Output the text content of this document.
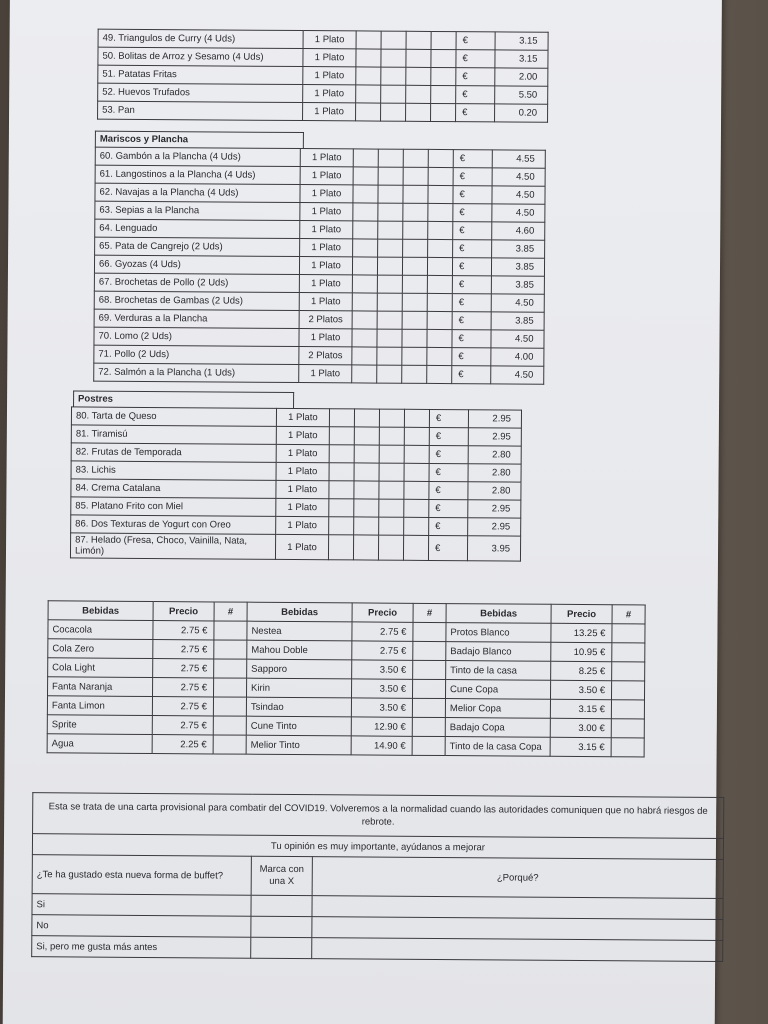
49. Triangulos de Curry (4 Uds)	1 Plato					€	3.15
50. Bolitas de Arroz y Sesamo (4 Uds)	1 Plato					€	3.15
51. Patatas Fritas	1 Plato					€	2.00
52. Huevos Trufados	1 Plato					€	5.50
53. Pan	1 Plato					€	0.20
Mariscos y Plancha
60. Gambón a la Plancha (4 Uds)	1 Plato					€	4.55
61. Langostinos a la Plancha (4 Uds)	1 Plato					€	4.50
62. Navajas a la Plancha (4 Uds)	1 Plato					€	4.50
63. Sepias a la Plancha	1 Plato					€	4.50
64. Lenguado	1 Plato					€	4.60
65. Pata de Cangrejo (2 Uds)	1 Plato					€	3.85
66. Gyozas (4 Uds)	1 Plato					€	3.85
67. Brochetas de Pollo (2 Uds)	1 Plato					€	3.85
68. Brochetas de Gambas (2 Uds)	1 Plato					€	4.50
69. Verduras a la Plancha	2 Platos					€	3.85
70. Lomo (2 Uds)	1 Plato					€	4.50
71. Pollo (2 Uds)	2 Platos					€	4.00
72. Salmón a la Plancha (1 Uds)	1 Plato					€	4.50
Postres
80. Tarta de Queso	1 Plato					€	2.95
81. Tiramisú	1 Plato					€	2.95
82. Frutas de Temporada	1 Plato					€	2.80
83. Lichis	1 Plato					€	2.80
84. Crema Catalana	1 Plato					€	2.80
85. Platano Frito con Miel	1 Plato					€	2.95
86. Dos Texturas de Yogurt con Oreo	1 Plato					€	2.95
87. Helado (Fresa, Choco, Vainilla, Nata, Limón)	1 Plato					€	3.95
Bebidas	Precio	#	Bebidas	Precio	#	Bebidas	Precio	#
Cocacola	2.75 €		Nestea	2.75 €		Protos Blanco	13.25 €	
Cola Zero	2.75 €		Mahou Doble	2.75 €		Badajo Blanco	10.95 €	
Cola Light	2.75 €		Sapporo	3.50 €		Tinto de la casa	8.25 €	
Fanta Naranja	2.75 €		Kirin	3.50 €		Cune Copa	3.50 €	
Fanta Limon	2.75 €		Tsindao	3.50 €		Melior Copa	3.15 €	
Sprite	2.75 €		Cune Tinto	12.90 €		Badajo Copa	3.00 €	
Agua	2.25 €		Melior Tinto	14.90 €		Tinto de la casa Copa	3.15 €	
Esta se trata de una carta provisional para combatir del COVID19. Volveremos a la normalidad cuando las autoridades comuniquen que no habrá riesgos de rebrote.		
Tu opinión es muy importante, ayúdanos a mejorar		
¿Te ha gustado esta nueva forma de buffet?	Marca con una X	¿Porqué?
Si		
No		
Si, pero me gusta más antes		
